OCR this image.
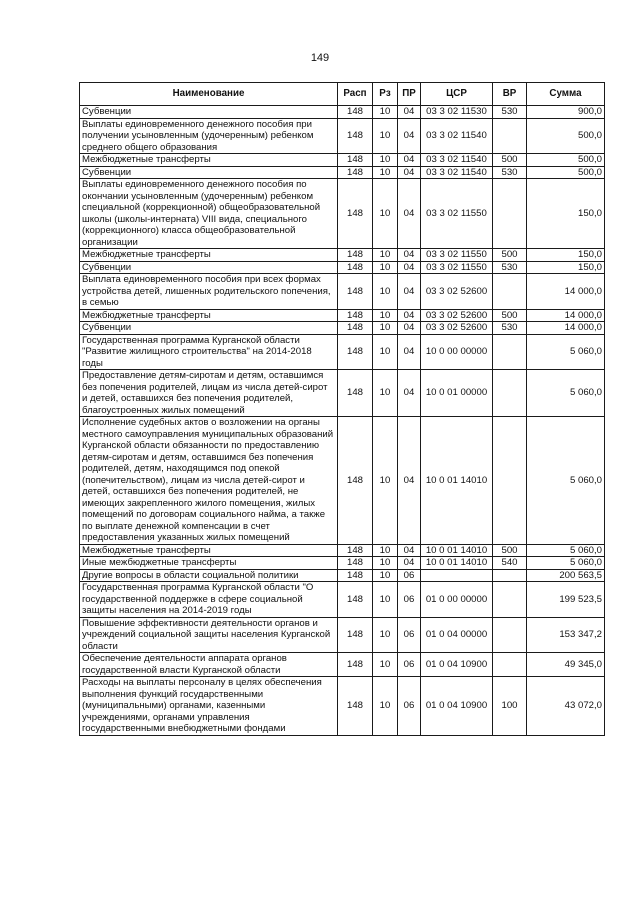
149
Наименование	Расп	Рз	ПР	ЦСР	ВР	Сумма
Субвенции	148	10	04	03 3 02 11530	530	900,0
Выплаты единовременного денежного пособия при получении усыновленным (удочеренным) ребенком среднего общего образования	148	10	04	03 3 02 11540		500,0
Межбюджетные трансферты	148	10	04	03 3 02 11540	500	500,0
Субвенции	148	10	04	03 3 02 11540	530	500,0
Выплаты единовременного денежного пособия по окончании усыновленным (удочеренным) ребенком специальной (коррекционной) общеобразовательной школы (школы-интерната) VIII вида, специального (коррекционного) класса общеобразовательной организации	148	10	04	03 3 02 11550		150,0
Межбюджетные трансферты	148	10	04	03 3 02 11550	500	150,0
Субвенции	148	10	04	03 3 02 11550	530	150,0
Выплата единовременного пособия при всех формах устройства детей, лишенных родительского попечения, в семью	148	10	04	03 3 02 52600		14 000,0
Межбюджетные трансферты	148	10	04	03 3 02 52600	500	14 000,0
Субвенции	148	10	04	03 3 02 52600	530	14 000,0
Государственная программа Курганской области "Развитие жилищного строительства" на 2014-2018 годы	148	10	04	10 0 00 00000		5 060,0
Предоставление детям-сиротам и детям, оставшимся без попечения родителей, лицам из числа детей-сирот и детей, оставшихся без попечения родителей, благоустроенных жилых помещений	148	10	04	10 0 01 00000		5 060,0
Исполнение судебных актов о возложении на органы местного самоуправления муниципальных образований Курганской области обязанности по предоставлению детям-сиротам и детям, оставшимся без попечения родителей, детям, находящимся под опекой (попечительством), лицам из числа детей-сирот и детей, оставшихся без попечения родителей, не имеющих закрепленного жилого помещения, жилых помещений по договорам социального найма, а также по выплате денежной компенсации в счет предоставления указанных жилых помещений	148	10	04	10 0 01 14010		5 060,0
Межбюджетные трансферты	148	10	04	10 0 01 14010	500	5 060,0
Иные межбюджетные трансферты	148	10	04	10 0 01 14010	540	5 060,0
Другие вопросы в области социальной политики	148	10	06			200 563,5
Государственная программа Курганской области "О государственной поддержке в сфере социальной защиты населения на 2014-2019 годы	148	10	06	01 0 00 00000		199 523,5
Повышение эффективности деятельности органов и учреждений социальной защиты населения Курганской области	148	10	06	01 0 04 00000		153 347,2
Обеспечение деятельности аппарата органов государственной власти Курганской области	148	10	06	01 0 04 10900		49 345,0
Расходы на выплаты персоналу в целях обеспечения выполнения функций государственными (муниципальными) органами, казенными учреждениями, органами управления государственными внебюджетными фондами	148	10	06	01 0 04 10900	100	43 072,0
